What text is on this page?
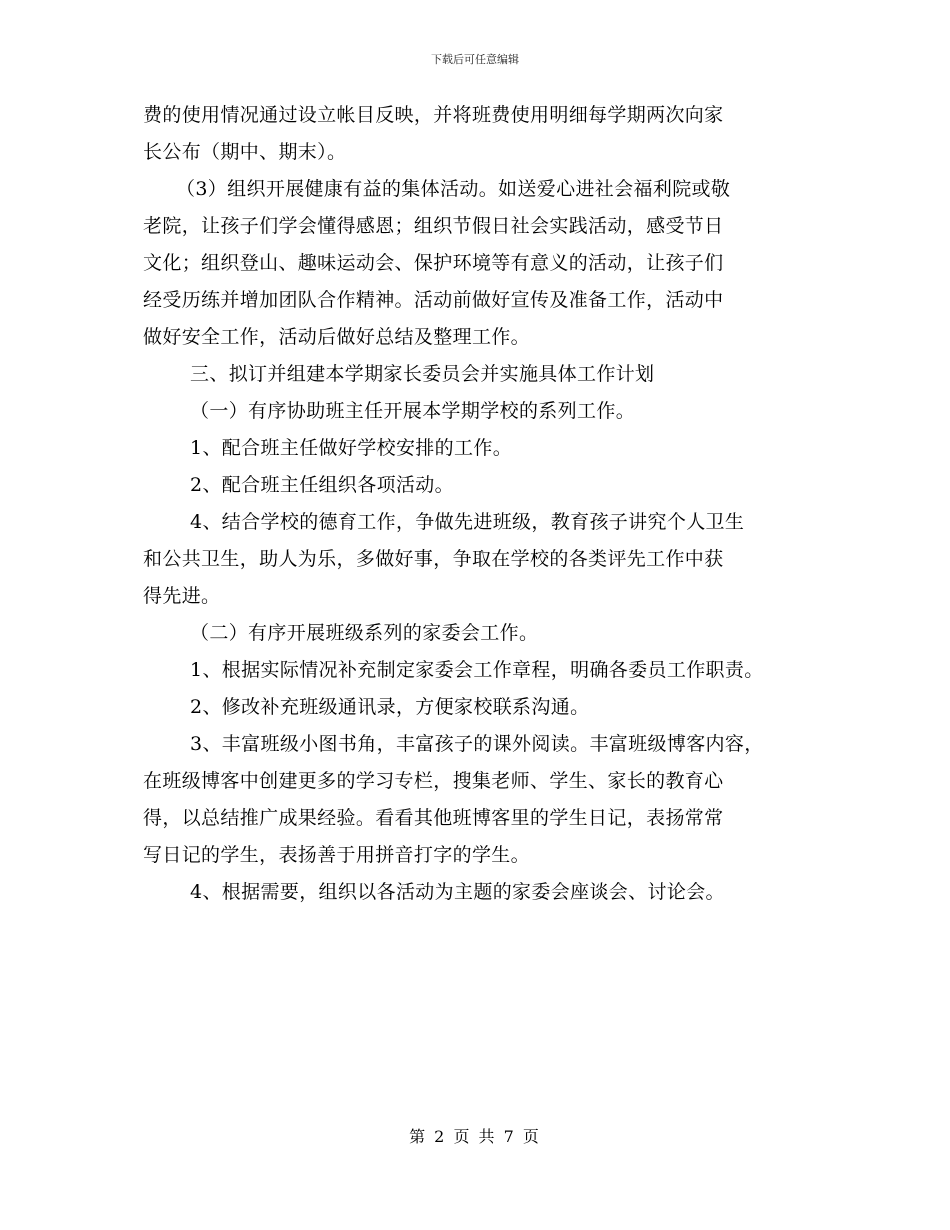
下载后可任意编辑
费的使用情况通过设立帐目反映，并将班费使用明细每学期两次向家
长公布（期中、期末）。
（3）组织开展健康有益的集体活动。如送爱心进社会福利院或敬
老院，让孩子们学会懂得感恩；组织节假日社会实践活动，感受节日
文化；组织登山、趣味运动会、保护环境等有意义的活动，让孩子们
经受历练并增加团队合作精神。活动前做好宣传及准备工作，活动中
做好安全工作，活动后做好总结及整理工作。
三、拟订并组建本学期家长委员会并实施具体工作计划
（一）有序协助班主任开展本学期学校的系列工作。
1、配合班主任做好学校安排的工作。
2、配合班主任组织各项活动。
4、结合学校的德育工作，争做先进班级，教育孩子讲究个人卫生
和公共卫生，助人为乐，多做好事，争取在学校的各类评先工作中获
得先进。
（二）有序开展班级系列的家委会工作。
1、根据实际情况补充制定家委会工作章程，明确各委员工作职责。
2、修改补充班级通讯录，方便家校联系沟通。
3、丰富班级小图书角，丰富孩子的课外阅读。丰富班级博客内容，
在班级博客中创建更多的学习专栏，搜集老师、学生、家长的教育心
得，以总结推广成果经验。看看其他班博客里的学生日记，表扬常常
写日记的学生，表扬善于用拼音打字的学生。
4、根据需要，组织以各活动为主题的家委会座谈会、讨论会。
第 2 页 共 7 页
